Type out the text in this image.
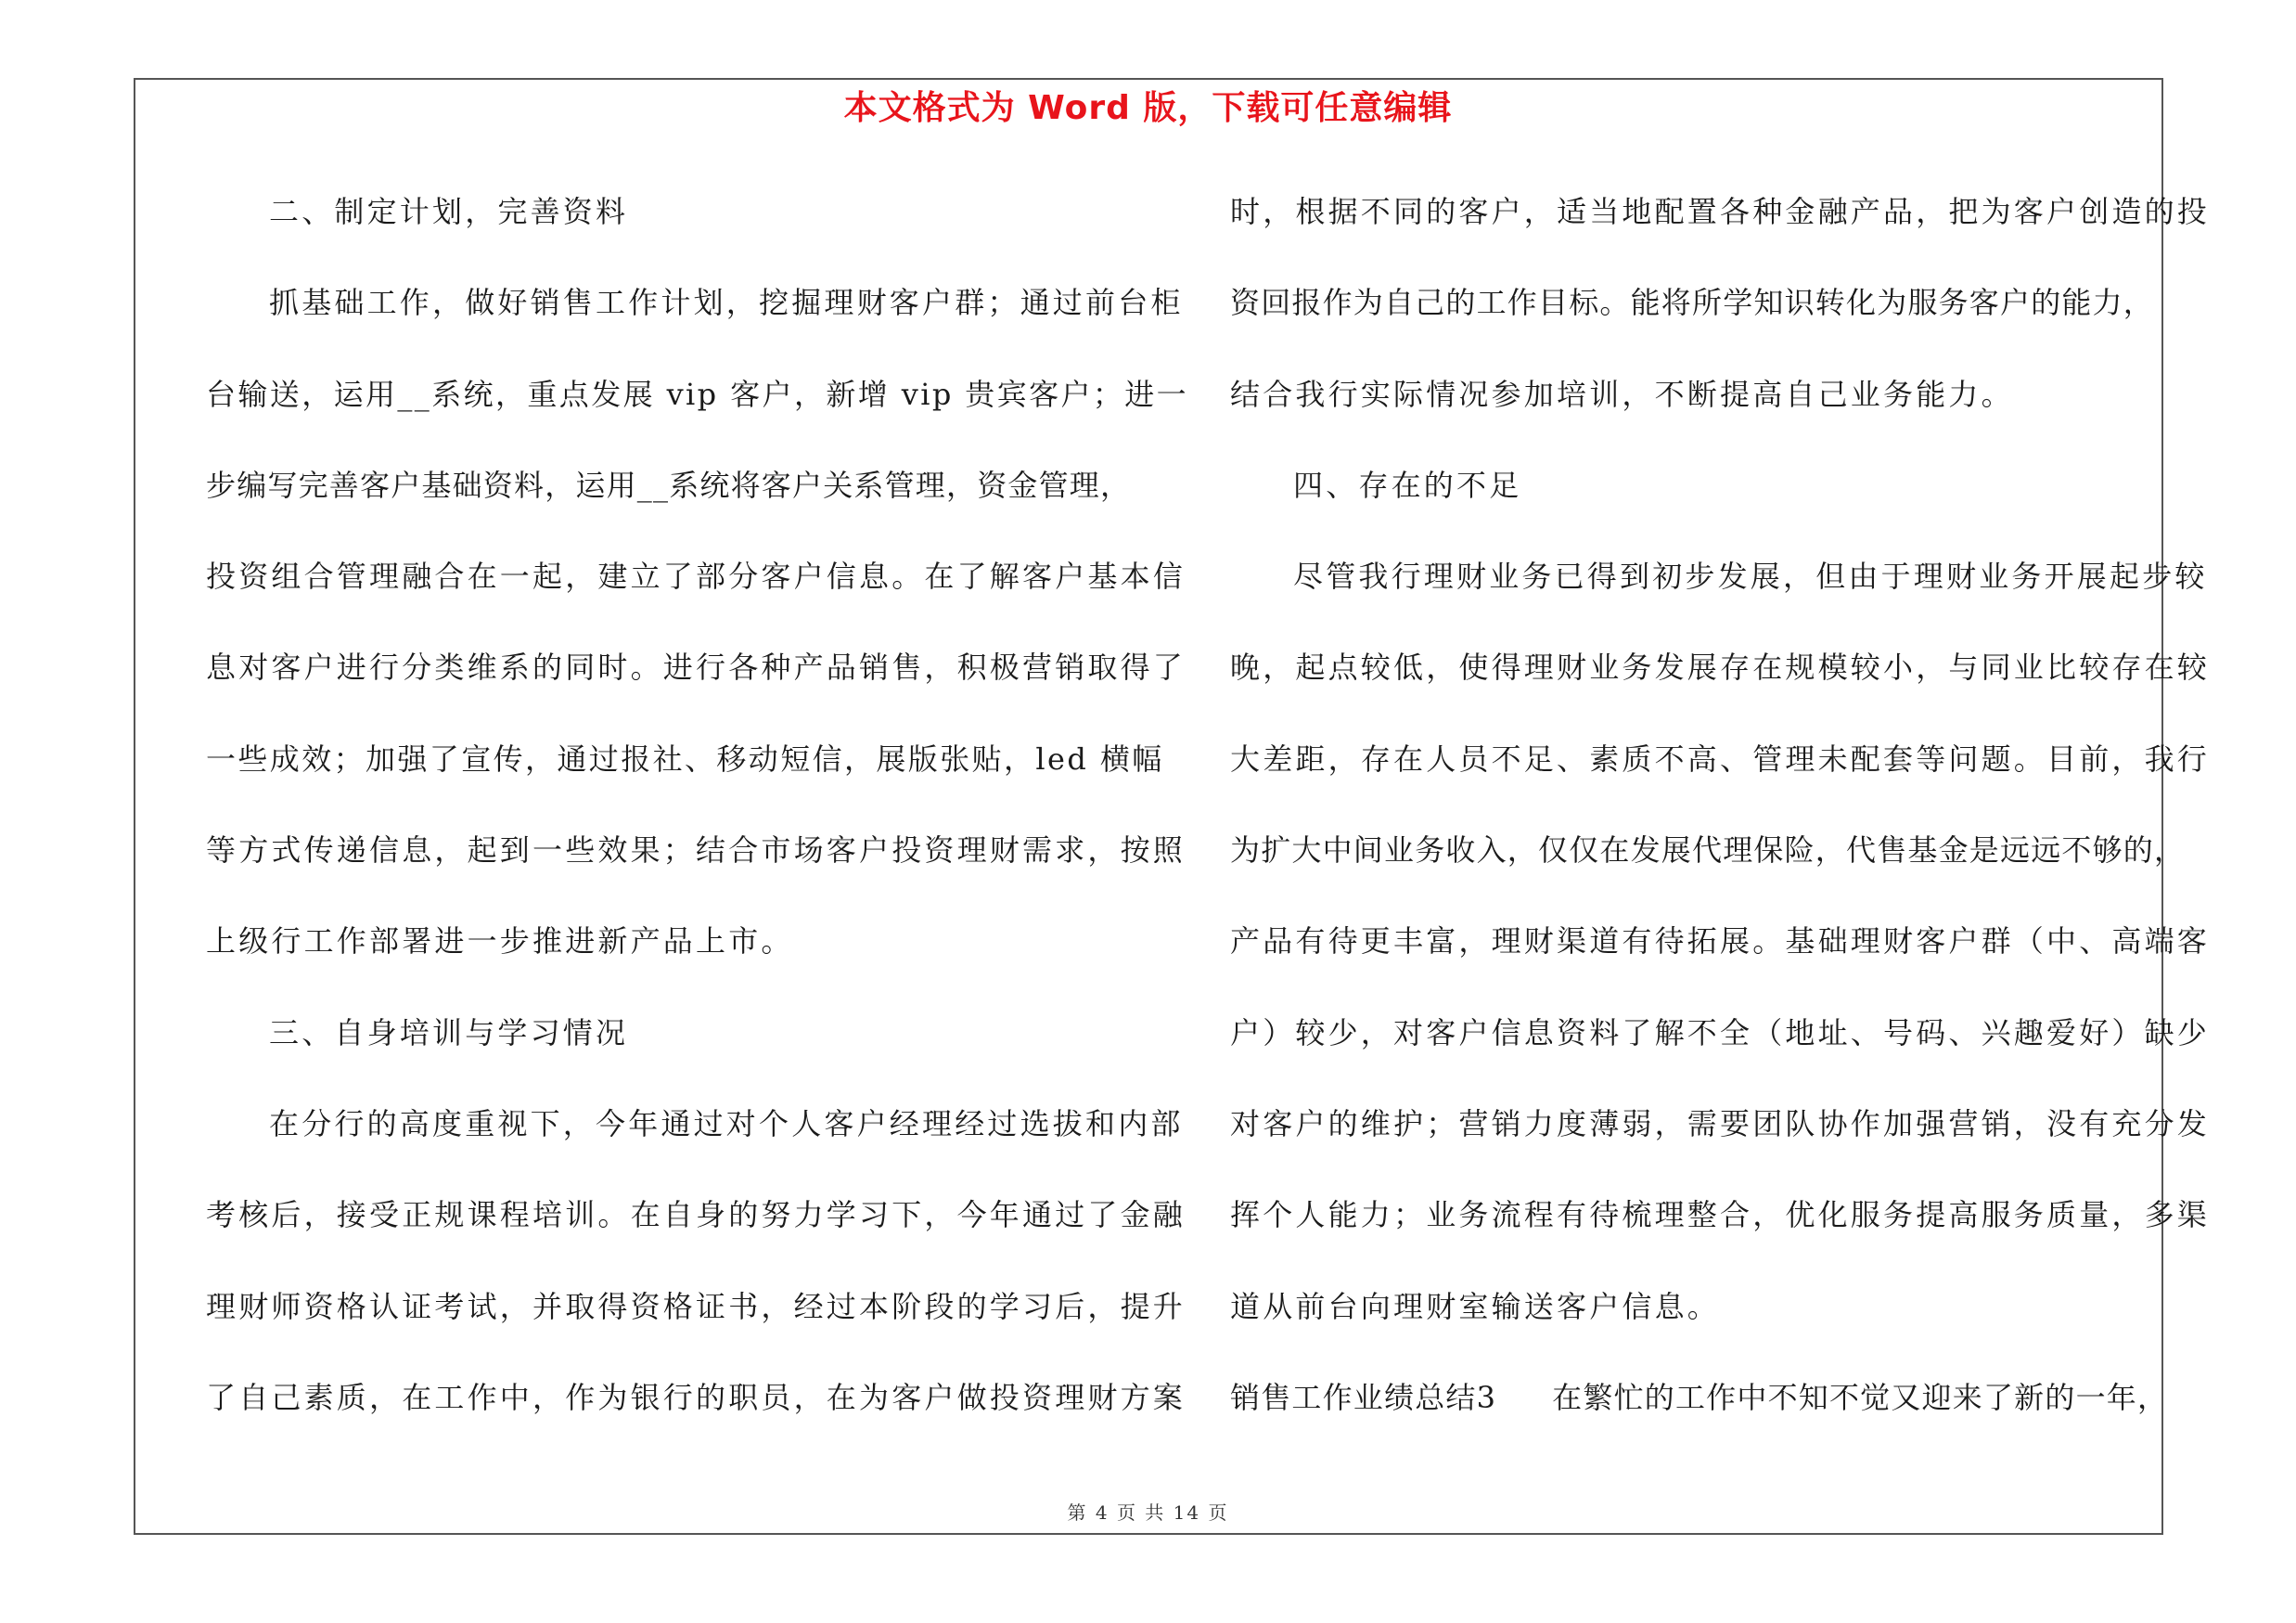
本文格式为 Word 版，下载可任意编辑
二、制定计划，完善资料
抓基础工作，做好销售工作计划，挖掘理财客户群；通过前台柜
台输送，运用__系统，重点发展 vip 客户，新增 vip 贵宾客户；进一
步编写完善客户基础资料，运用__系统将客户关系管理，资金管理，
投资组合管理融合在一起，建立了部分客户信息。在了解客户基本信
息对客户进行分类维系的同时。进行各种产品销售，积极营销取得了
一些成效；加强了宣传，通过报社、移动短信，展版张贴，led 横幅
等方式传递信息，起到一些效果；结合市场客户投资理财需求，按照
上级行工作部署进一步推进新产品上市。
三、自身培训与学习情况
在分行的高度重视下，今年通过对个人客户经理经过选拔和内部
考核后，接受正规课程培训。在自身的努力学习下，今年通过了金融
理财师资格认证考试，并取得资格证书，经过本阶段的学习后，提升
了自己素质，在工作中，作为银行的职员，在为客户做投资理财方案
时，根据不同的客户，适当地配置各种金融产品，把为客户创造的投
资回报作为自己的工作目标。能将所学知识转化为服务客户的能力，
结合我行实际情况参加培训，不断提高自己业务能力。
四、存在的不足
尽管我行理财业务已得到初步发展，但由于理财业务开展起步较
晚，起点较低，使得理财业务发展存在规模较小，与同业比较存在较
大差距，存在人员不足、素质不高、管理未配套等问题。目前，我行
为扩大中间业务收入，仅仅在发展代理保险，代售基金是远远不够的，
产品有待更丰富，理财渠道有待拓展。基础理财客户群（中、高端客
户）较少，对客户信息资料了解不全（地址、号码、兴趣爱好）缺少
对客户的维护；营销力度薄弱，需要团队协作加强营销，没有充分发
挥个人能力；业务流程有待梳理整合，优化服务提高服务质量，多渠
道从前台向理财室输送客户信息。
销售工作业绩总结3 在繁忙的工作中不知不觉又迎来了新的一年，
第 4 页 共 14 页
